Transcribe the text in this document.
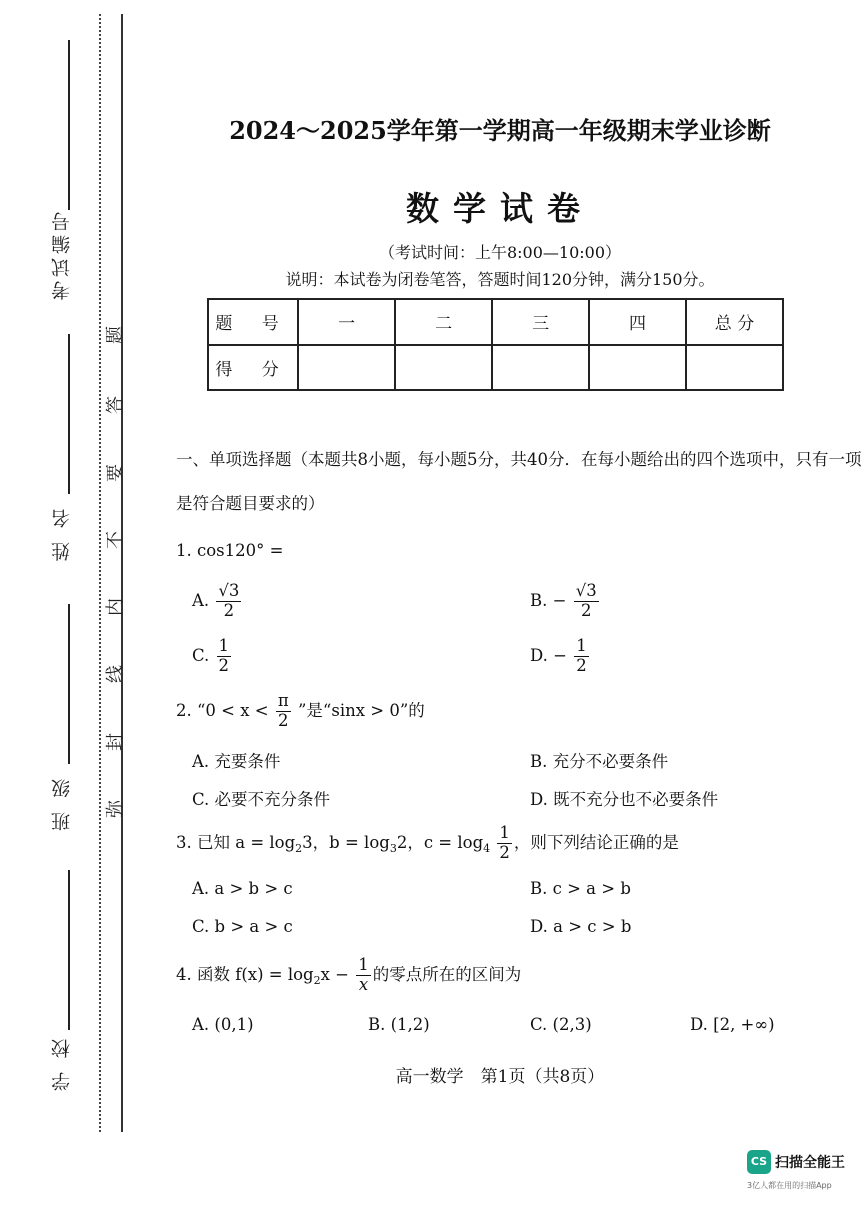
考试编号
姓 名
班 级
学 校
题
答
要
不
内
线
封
弥
2024～2025学年第一学期高一年级期末学业诊断
数学试卷
（考试时间：上午8:00—10:00）
说明：本试卷为闭卷笔答，答题时间120分钟，满分150分。
题 号	一	二	三	四	总 分
得 分					
一、单项选择题（本题共8小题，每小题5分，共40分．在每小题给出的四个选项中，只有一项
是符合题目要求的）
1. cos120° =
A. $\frac{√3}{2}$	B. − $\frac{√3}{2}$
C. $\frac{1}{2}$	D. − $\frac{1}{2}$
2. “$0 < x < \frac{\pi}{2}$ ”是“sinx > 0”的
A. 充要条件	B. 充分不必要条件
C. 必要不充分条件	D. 既不充分也不必要条件
3. 已知 $a = \log_23$，$b = \log_32$，$c = \log_4 \frac{1}{2}$ ，则下列结论正确的是
A. a > b > c	B. c > a > b
C. b > a > c	D. a > c > b
4. 函数 $f(x) = \log_2x - \frac{1}{x}$ 的零点所在的区间为
A. (0,1)	B. (1,2)	C. (2,3)	D. [2, +∞)
高一数学　第1页（共8页）
CS 扫描全能王
3亿人都在用的扫描App
